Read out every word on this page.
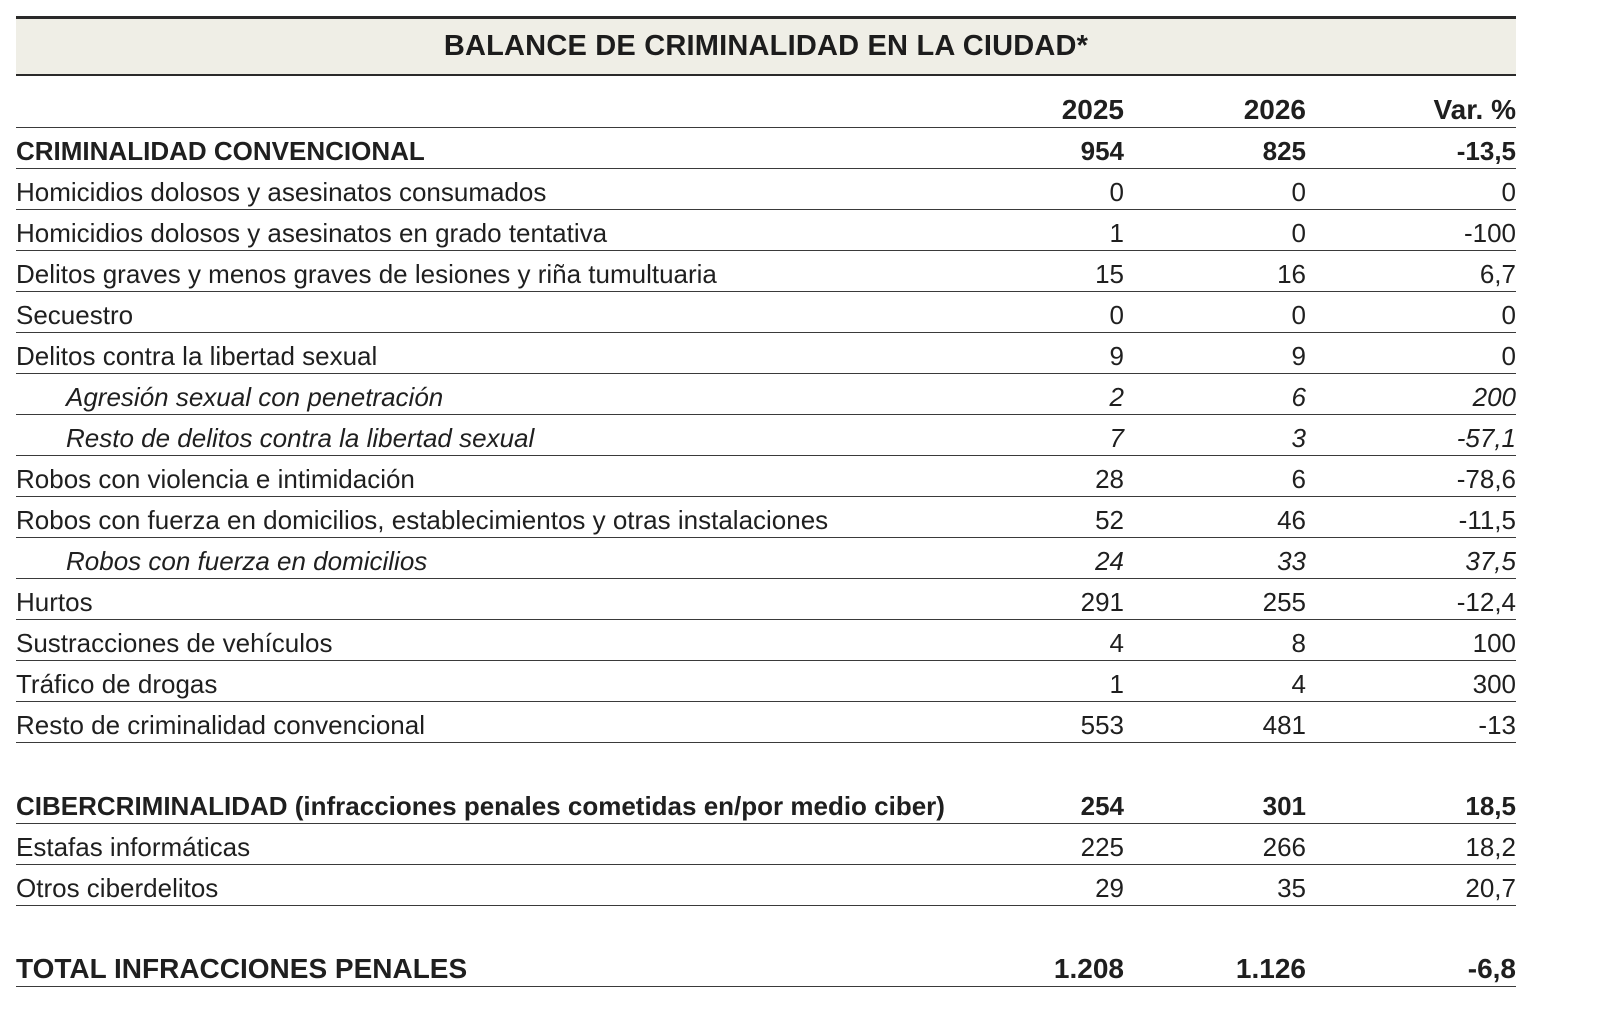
BALANCE DE CRIMINALIDAD EN LA CIUDAD*
2025	2026	Var. %
CRIMINALIDAD CONVENCIONAL	954	825	-13,5
Homicidios dolosos y asesinatos consumados	0	0	0
Homicidios dolosos y asesinatos en grado tentativa	1	0	-100
Delitos graves y menos graves de lesiones y riña tumultuaria	15	16	6,7
Secuestro	0	0	0
Delitos contra la libertad sexual	9	9	0
Agresión sexual con penetración	2	6	200
Resto de delitos contra la libertad sexual	7	3	-57,1
Robos con violencia e intimidación	28	6	-78,6
Robos con fuerza en domicilios, establecimientos y otras instalaciones	52	46	-11,5
Robos con fuerza en domicilios	24	33	37,5
Hurtos	291	255	-12,4
Sustracciones de vehículos	4	8	100
Tráfico de drogas	1	4	300
Resto de criminalidad convencional	553	481	-13
CIBERCRIMINALIDAD (infracciones penales cometidas en/por medio ciber)	254	301	18,5
Estafas informáticas	225	266	18,2
Otros ciberdelitos	29	35	20,7
TOTAL INFRACCIONES PENALES	1.208	1.126	-6,8
